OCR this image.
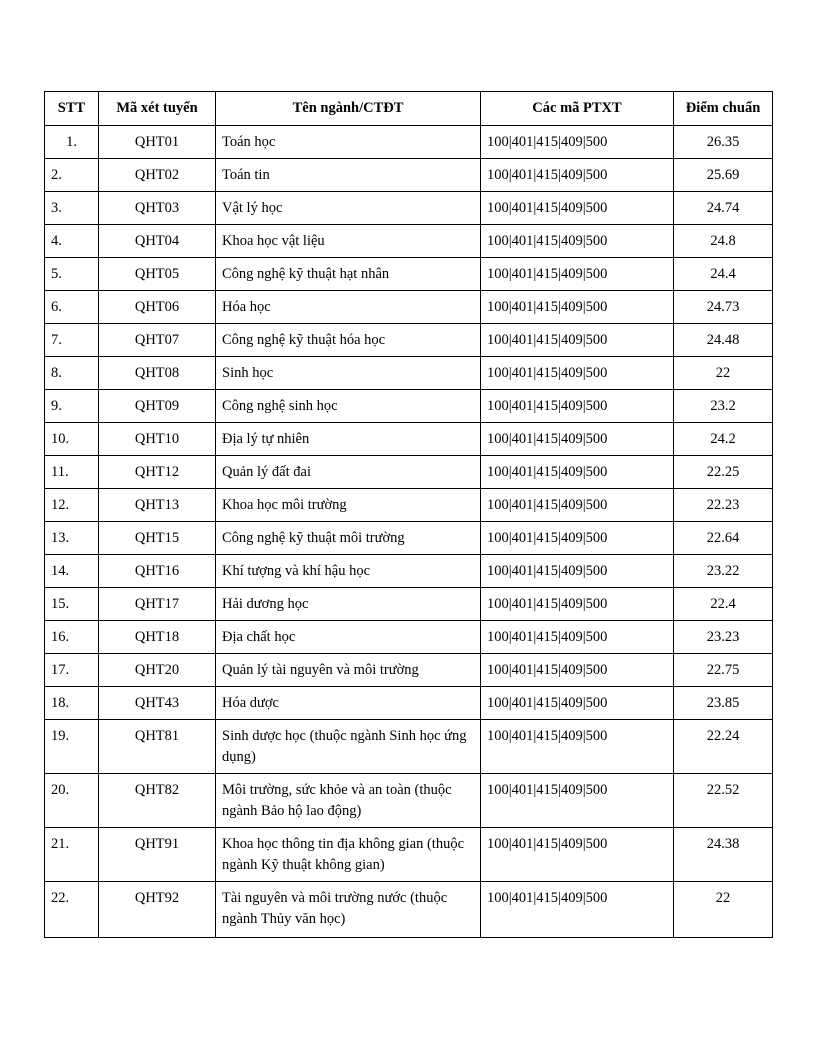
STT	Mã xét tuyển	Tên ngành/CTĐT	Các mã PTXT	Điểm chuẩn
1.	QHT01	Toán học	100|401|415|409|500	26.35
2.	QHT02	Toán tin	100|401|415|409|500	25.69
3.	QHT03	Vật lý học	100|401|415|409|500	24.74
4.	QHT04	Khoa học vật liệu	100|401|415|409|500	24.8
5.	QHT05	Công nghệ kỹ thuật hạt nhân	100|401|415|409|500	24.4
6.	QHT06	Hóa học	100|401|415|409|500	24.73
7.	QHT07	Công nghệ kỹ thuật hóa học	100|401|415|409|500	24.48
8.	QHT08	Sinh học	100|401|415|409|500	22
9.	QHT09	Công nghệ sinh học	100|401|415|409|500	23.2
10.	QHT10	Địa lý tự nhiên	100|401|415|409|500	24.2
11.	QHT12	Quản lý đất đai	100|401|415|409|500	22.25
12.	QHT13	Khoa học môi trường	100|401|415|409|500	22.23
13.	QHT15	Công nghệ kỹ thuật môi trường	100|401|415|409|500	22.64
14.	QHT16	Khí tượng và khí hậu học	100|401|415|409|500	23.22
15.	QHT17	Hải dương học	100|401|415|409|500	22.4
16.	QHT18	Địa chất học	100|401|415|409|500	23.23
17.	QHT20	Quản lý tài nguyên và môi trường	100|401|415|409|500	22.75
18.	QHT43	Hóa dược	100|401|415|409|500	23.85
19.	QHT81	Sinh dược học (thuộc ngành Sinh học ứng dụng)	100|401|415|409|500	22.24
20.	QHT82	Môi trường, sức khỏe và an toàn (thuộc ngành Bảo hộ lao động)	100|401|415|409|500	22.52
21.	QHT91	Khoa học thông tin địa không gian (thuộc ngành Kỹ thuật không gian)	100|401|415|409|500	24.38
22.	QHT92	Tài nguyên và môi trường nước (thuộc ngành Thủy văn học)	100|401|415|409|500	22
